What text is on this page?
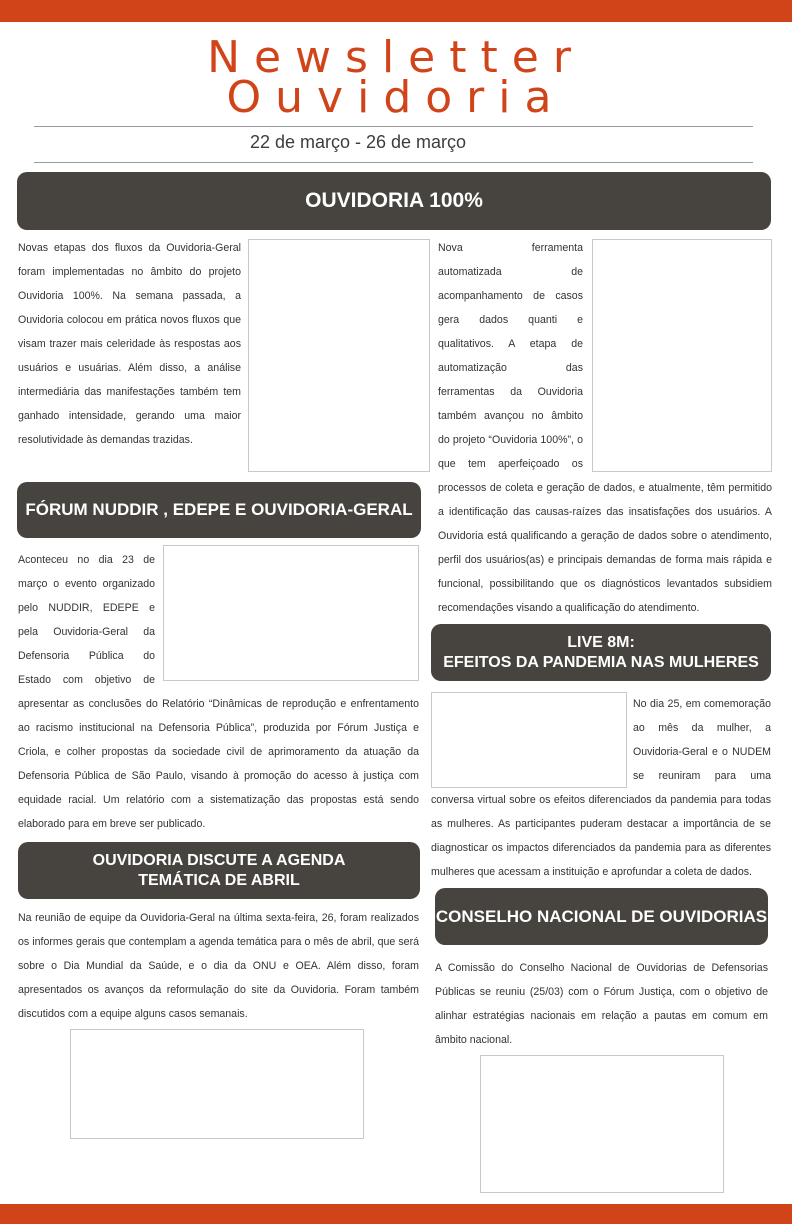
Newsletter
Ouvidoria
22 de março - 26 de março
OUVIDORIA 100%

Novas etapas dos fluxos da Ouvidoria-Geral foram implementadas no âmbito do projeto Ouvidoria 100%. Na semana passada, a Ouvidoria colocou em prática novos fluxos que visam trazer mais celeridade às respostas aos usuários e usuárias. Além disso, a análise intermediária das manifestações também tem ganhado intensidade, gerando uma maior resolutividade às demandas trazidas.

Nova ferramenta automatizada de acompanhamento de casos gera dados quanti e qualitativos. A etapa de automatização das ferramentas da Ouvidoria também avançou no âmbito do projeto “Ouvidoria 100%”, o que tem aperfeiçoado os processos de coleta e geração de dados, e atualmente, têm permitido a identificação das causas-raízes das insatisfações dos usuários. A Ouvidoria está qualificando a geração de dados sobre o atendimento, perfil dos usuários(as) e principais demandas de forma mais rápida e funcional, possibilitando que os diagnósticos levantados subsidiem recomendações visando a qualificação do atendimento.

FÓRUM NUDDIR , EDEPE E OUVIDORIA-GERAL

Aconteceu no dia 23 de março o evento organizado pelo NUDDIR, EDEPE e pela Ouvidoria-Geral da Defensoria Pública do Estado com objetivo de apresentar as conclusões do Relatório “Dinâmicas de reprodução e enfrentamento ao racismo institucional na Defensoria Pública”, produzida por Fórum Justiça e Criola, e colher propostas da sociedade civil de aprimoramento da atuação da Defensoria Pública de São Paulo, visando à promoção do acesso à justiça com equidade racial. Um relatório com a sistematização das propostas está sendo elaborado para em breve ser publicado.

LIVE 8M:
EFEITOS DA PANDEMIA NAS MULHERES

No dia 25, em comemoração ao mês da mulher, a Ouvidoria-Geral e o NUDEM se reuniram para uma conversa virtual sobre os efeitos diferenciados da pandemia para todas as mulheres. As participantes puderam destacar a importância de se diagnosticar os impactos diferenciados da pandemia para as diferentes mulheres que acessam a instituição e aprofundar a coleta de dados.

OUVIDORIA DISCUTE A AGENDA
TEMÁTICA DE ABRIL

Na reunião de equipe da Ouvidoria-Geral na última sexta-feira, 26, foram realizados os informes gerais que contemplam a agenda temática para o mês de abril, que será sobre o Dia Mundial da Saúde, e o dia da ONU e OEA. Além disso, foram apresentados os avanços da reformulação do site da Ouvidoria. Foram também discutidos com a equipe alguns casos semanais.

CONSELHO NACIONAL DE OUVIDORIAS

A Comissão do Conselho Nacional de Ouvidorias de Defensorias Públicas se reuniu (25/03) com o Fórum Justiça, com o objetivo de alinhar estratégias nacionais em relação a pautas em comum em âmbito nacional.
